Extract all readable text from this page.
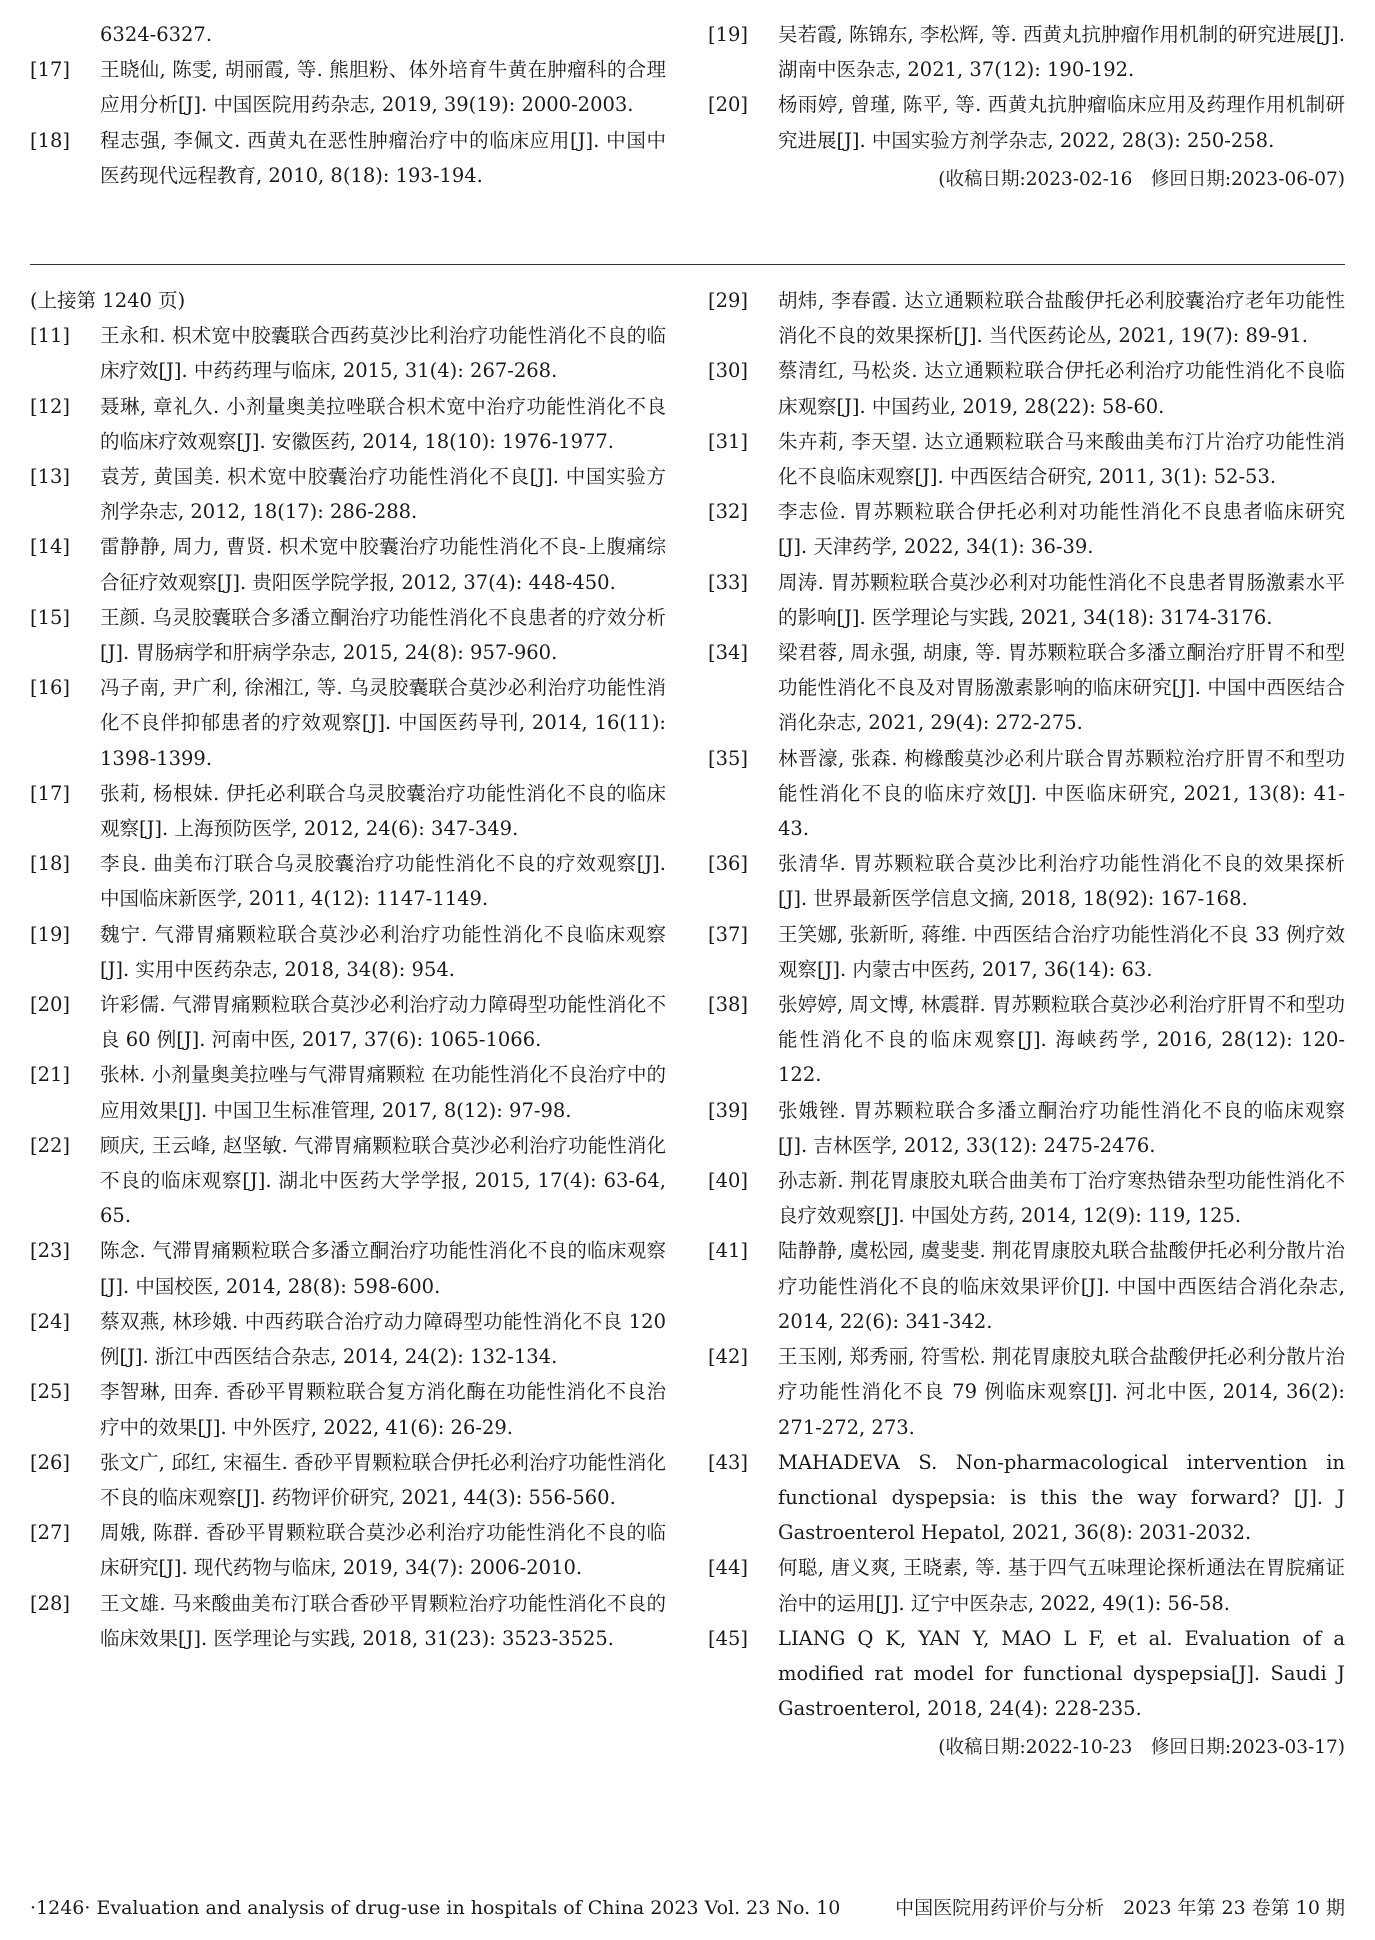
6324-6327.
[17]	王晓仙, 陈雯, 胡丽霞, 等. 熊胆粉、体外培育牛黄在肿瘤科的合理应用分析[J]. 中国医院用药杂志, 2019, 39(19): 2000-2003.
[18]	程志强, 李佩文. 西黄丸在恶性肿瘤治疗中的临床应用[J]. 中国中医药现代远程教育, 2010, 8(18): 193-194.
[19]	吴若霞, 陈锦东, 李松辉, 等. 西黄丸抗肿瘤作用机制的研究进展[J]. 湖南中医杂志, 2021, 37(12): 190-192.
[20]	杨雨婷, 曾瑾, 陈平, 等. 西黄丸抗肿瘤临床应用及药理作用机制研究进展[J]. 中国实验方剂学杂志, 2022, 28(3): 250-258.
(收稿日期:2023-02-16　修回日期:2023-06-07)
(上接第 1240 页)
[11]	王永和. 枳术宽中胶囊联合西药莫沙比利治疗功能性消化不良的临床疗效[J]. 中药药理与临床, 2015, 31(4): 267-268.
[12]	聂琳, 章礼久. 小剂量奥美拉唑联合枳术宽中治疗功能性消化不良的临床疗效观察[J]. 安徽医药, 2014, 18(10): 1976-1977.
[13]	袁芳, 黄国美. 枳术宽中胶囊治疗功能性消化不良[J]. 中国实验方剂学杂志, 2012, 18(17): 286-288.
[14]	雷静静, 周力, 曹贤. 枳术宽中胶囊治疗功能性消化不良-上腹痛综合征疗效观察[J]. 贵阳医学院学报, 2012, 37(4): 448-450.
[15]	王颜. 乌灵胶囊联合多潘立酮治疗功能性消化不良患者的疗效分析[J]. 胃肠病学和肝病学杂志, 2015, 24(8): 957-960.
[16]	冯子南, 尹广利, 徐湘江, 等. 乌灵胶囊联合莫沙必利治疗功能性消化不良伴抑郁患者的疗效观察[J]. 中国医药导刊, 2014, 16(11): 1398-1399.
[17]	张莉, 杨根妹. 伊托必利联合乌灵胶囊治疗功能性消化不良的临床观察[J]. 上海预防医学, 2012, 24(6): 347-349.
[18]	李良. 曲美布汀联合乌灵胶囊治疗功能性消化不良的疗效观察[J]. 中国临床新医学, 2011, 4(12): 1147-1149.
[19]	魏宁. 气滞胃痛颗粒联合莫沙必利治疗功能性消化不良临床观察[J]. 实用中医药杂志, 2018, 34(8): 954.
[20]	许彩儒. 气滞胃痛颗粒联合莫沙必利治疗动力障碍型功能性消化不良 60 例[J]. 河南中医, 2017, 37(6): 1065-1066.
[21]	张林. 小剂量奥美拉唑与气滞胃痛颗粒 在功能性消化不良治疗中的应用效果[J]. 中国卫生标准管理, 2017, 8(12): 97-98.
[22]	顾庆, 王云峰, 赵坚敏. 气滞胃痛颗粒联合莫沙必利治疗功能性消化不良的临床观察[J]. 湖北中医药大学学报, 2015, 17(4): 63-64, 65.
[23]	陈念. 气滞胃痛颗粒联合多潘立酮治疗功能性消化不良的临床观察[J]. 中国校医, 2014, 28(8): 598-600.
[24]	蔡双燕, 林珍娥. 中西药联合治疗动力障碍型功能性消化不良 120 例[J]. 浙江中西医结合杂志, 2014, 24(2): 132-134.
[25]	李智琳, 田奔. 香砂平胃颗粒联合复方消化酶在功能性消化不良治疗中的效果[J]. 中外医疗, 2022, 41(6): 26-29.
[26]	张文广, 邱红, 宋福生. 香砂平胃颗粒联合伊托必利治疗功能性消化不良的临床观察[J]. 药物评价研究, 2021, 44(3): 556-560.
[27]	周娥, 陈群. 香砂平胃颗粒联合莫沙必利治疗功能性消化不良的临床研究[J]. 现代药物与临床, 2019, 34(7): 2006-2010.
[28]	王文雄. 马来酸曲美布汀联合香砂平胃颗粒治疗功能性消化不良的临床效果[J]. 医学理论与实践, 2018, 31(23): 3523-3525.
[29]	胡炜, 李春霞. 达立通颗粒联合盐酸伊托必利胶囊治疗老年功能性消化不良的效果探析[J]. 当代医药论丛, 2021, 19(7): 89-91.
[30]	蔡清红, 马松炎. 达立通颗粒联合伊托必利治疗功能性消化不良临床观察[J]. 中国药业, 2019, 28(22): 58-60.
[31]	朱卉莉, 李天望. 达立通颗粒联合马来酸曲美布汀片治疗功能性消化不良临床观察[J]. 中西医结合研究, 2011, 3(1): 52-53.
[32]	李志俭. 胃苏颗粒联合伊托必利对功能性消化不良患者临床研究[J]. 天津药学, 2022, 34(1): 36-39.
[33]	周涛. 胃苏颗粒联合莫沙必利对功能性消化不良患者胃肠激素水平的影响[J]. 医学理论与实践, 2021, 34(18): 3174-3176.
[34]	梁君蓉, 周永强, 胡康, 等. 胃苏颗粒联合多潘立酮治疗肝胃不和型功能性消化不良及对胃肠激素影响的临床研究[J]. 中国中西医结合消化杂志, 2021, 29(4): 272-275.
[35]	林晋濠, 张森. 枸橼酸莫沙必利片联合胃苏颗粒治疗肝胃不和型功能性消化不良的临床疗效[J]. 中医临床研究, 2021, 13(8): 41-43.
[36]	张清华. 胃苏颗粒联合莫沙比利治疗功能性消化不良的效果探析[J]. 世界最新医学信息文摘, 2018, 18(92): 167-168.
[37]	王笑娜, 张新昕, 蒋维. 中西医结合治疗功能性消化不良 33 例疗效观察[J]. 内蒙古中医药, 2017, 36(14): 63.
[38]	张婷婷, 周文博, 林震群. 胃苏颗粒联合莫沙必利治疗肝胃不和型功能性消化不良的临床观察[J]. 海峡药学, 2016, 28(12): 120-122.
[39]	张娥锉. 胃苏颗粒联合多潘立酮治疗功能性消化不良的临床观察[J]. 吉林医学, 2012, 33(12): 2475-2476.
[40]	孙志新. 荆花胃康胶丸联合曲美布丁治疗寒热错杂型功能性消化不良疗效观察[J]. 中国处方药, 2014, 12(9): 119, 125.
[41]	陆静静, 虞松园, 虞斐斐. 荆花胃康胶丸联合盐酸伊托必利分散片治疗功能性消化不良的临床效果评价[J]. 中国中西医结合消化杂志, 2014, 22(6): 341-342.
[42]	王玉刚, 郑秀丽, 符雪松. 荆花胃康胶丸联合盐酸伊托必利分散片治疗功能性消化不良 79 例临床观察[J]. 河北中医, 2014, 36(2): 271-272, 273.
[43]	MAHADEVA S. Non-pharmacological intervention in functional dyspepsia: is this the way forward? [J]. J Gastroenterol Hepatol, 2021, 36(8): 2031-2032.
[44]	何聪, 唐义爽, 王晓素, 等. 基于四气五味理论探析通法在胃脘痛证治中的运用[J]. 辽宁中医杂志, 2022, 49(1): 56-58.
[45]	LIANG Q K, YAN Y, MAO L F, et al. Evaluation of a modified rat model for functional dyspepsia[J]. Saudi J Gastroenterol, 2018, 24(4): 228-235.
(收稿日期:2022-10-23　修回日期:2023-03-17)
·1246· Evaluation and analysis of drug-use in hospitals of China 2023 Vol. 23 No. 10	中国医院用药评价与分析　2023 年第 23 卷第 10 期
